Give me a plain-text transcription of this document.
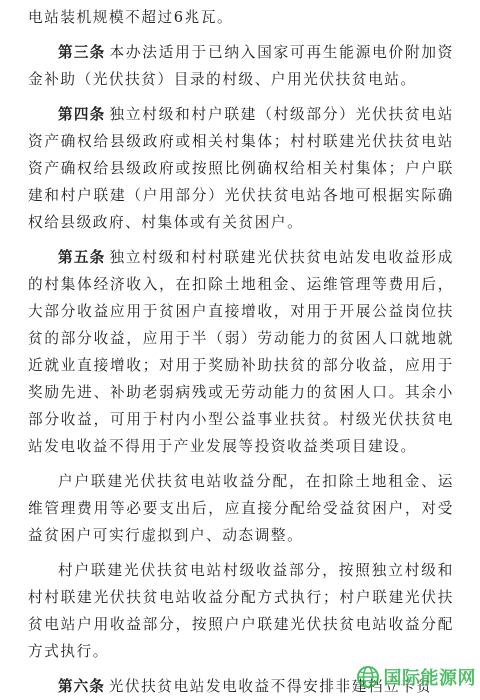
电站装机规模不超过6兆瓦。

第三条 本办法适用于已纳入国家可再生能源电价附加资金补助（光伏扶贫）目录的村级、户用光伏扶贫电站。

第四条 独立村级和村户联建（村级部分）光伏扶贫电站资产确权给县级政府或相关村集体；村村联建光伏扶贫电站资产确权给县级政府或按照比例确权给相关村集体；户户联建和村户联建（户用部分）光伏扶贫电站各地可根据实际确权给县级政府、村集体或有关贫困户。

第五条 独立村级和村村联建光伏扶贫电站发电收益形成的村集体经济收入，在扣除土地租金、运维管理等费用后，大部分收益应用于贫困户直接增收，对用于开展公益岗位扶贫的部分收益，应用于半（弱）劳动能力的贫困人口就地就近就业直接增收；对用于奖励补助扶贫的部分收益，应用于奖励先进、补助老弱病残或无劳动能力的贫困人口。其余小部分收益，可用于村内小型公益事业扶贫。村级光伏扶贫电站发电收益不得用于产业发展等投资收益类项目建设。

户户联建光伏扶贫电站收益分配，在扣除土地租金、运维管理费用等必要支出后，应直接分配给受益贫困户，对受益贫困户可实行虚拟到户、动态调整。

村户联建光伏扶贫电站村级收益部分，按照独立村级和村村联建光伏扶贫电站收益分配方式执行；村户联建光伏扶贫电站户用收益部分，按照户户联建光伏扶贫电站收益分配方式执行。

第六条 光伏扶贫电站发电收益不得安排非建档立卡贫

国际能源网
